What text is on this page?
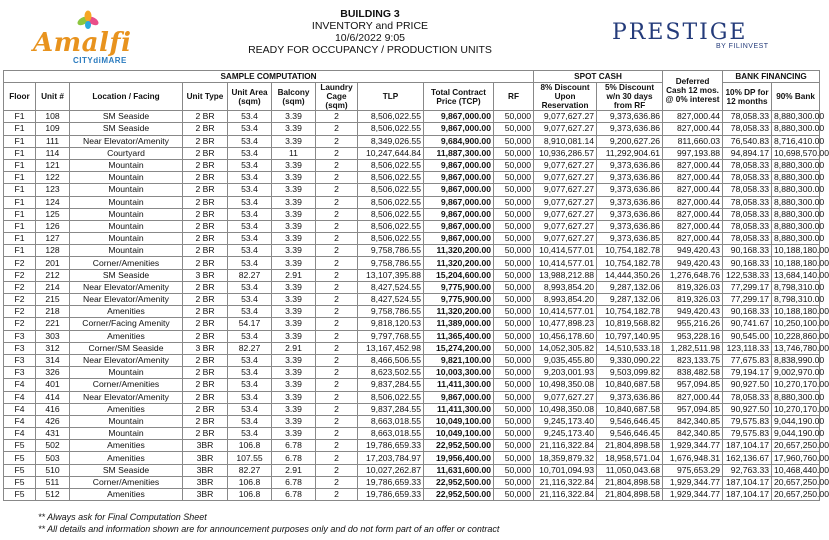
Amalfi
CITYdiMARE
BUILDING 3
INVENTORY and PRICE
10/6/2022 9:05
READY FOR OCCUPANCY / PRODUCTION UNITS
PRESTIGE
BY FILINVEST
SAMPLE COMPUTATION										SPOT CASH		Deferred Cash 12 mos. @ 0% interest	BANK FINANCING	
Floor	Unit #	Location / Facing	Unit Type	Unit Area (sqm)	Balcony (sqm)	Laundry Cage (sqm)	TLP	Total Contract Price (TCP)	RF	8% Discount Upon Reservation	5% Discount w/n 30 days from RF		10% DP for 12 months	90% Bank
F1	108	SM Seaside	2 BR	53.4	3.39	2	8,506,022.55	9,867,000.00	50,000	9,077,627.27	9,373,636.86	827,000.44	78,058.33	8,880,300.00
F1	109	SM Seaside	2 BR	53.4	3.39	2	8,506,022.55	9,867,000.00	50,000	9,077,627.27	9,373,636.86	827,000.44	78,058.33	8,880,300.00
F1	111	Near Elevator/Amenity	2 BR	53.4	3.39	2	8,349,026.55	9,684,900.00	50,000	8,910,081.14	9,200,627.26	811,660.03	76,540.83	8,716,410.00
F1	114	Courtyard	2 BR	53.4	11	2	10,247,644.84	11,887,300.00	50,000	10,936,286.57	11,292,904.61	997,193.88	94,894.17	10,698,570.00
F1	121	Mountain	2 BR	53.4	3.39	2	8,506,022.55	9,867,000.00	50,000	9,077,627.27	9,373,636.86	827,000.44	78,058.33	8,880,300.00
F1	122	Mountain	2 BR	53.4	3.39	2	8,506,022.55	9,867,000.00	50,000	9,077,627.27	9,373,636.86	827,000.44	78,058.33	8,880,300.00
F1	123	Mountain	2 BR	53.4	3.39	2	8,506,022.55	9,867,000.00	50,000	9,077,627.27	9,373,636.86	827,000.44	78,058.33	8,880,300.00
F1	124	Mountain	2 BR	53.4	3.39	2	8,506,022.55	9,867,000.00	50,000	9,077,627.27	9,373,636.86	827,000.44	78,058.33	8,880,300.00
F1	125	Mountain	2 BR	53.4	3.39	2	8,506,022.55	9,867,000.00	50,000	9,077,627.27	9,373,636.86	827,000.44	78,058.33	8,880,300.00
F1	126	Mountain	2 BR	53.4	3.39	2	8,506,022.55	9,867,000.00	50,000	9,077,627.27	9,373,636.86	827,000.44	78,058.33	8,880,300.00
F1	127	Mountain	2 BR	53.4	3.39	2	8,506,022.55	9,867,000.00	50,000	9,077,627.27	9,373,636.85	827,000.44	78,058.33	8,880,300.00
F1	128	Mountain	2 BR	53.4	3.39	2	9,758,786.55	11,320,200.00	50,000	10,414,577.01	10,754,182.78	949,420.43	90,168.33	10,188,180.00
F2	201	Corner/Amenities	2 BR	53.4	3.39	2	9,758,786.55	11,320,200.00	50,000	10,414,577.01	10,754,182.78	949,420.43	90,168.33	10,188,180.00
F2	212	SM Seaside	3 BR	82.27	2.91	2	13,107,395.88	15,204,600.00	50,000	13,988,212.88	14,444,350.26	1,276,648.76	122,538.33	13,684,140.00
F2	214	Near Elevator/Amenity	2 BR	53.4	3.39	2	8,427,524.55	9,775,900.00	50,000	8,993,854.20	9,287,132.06	819,326.03	77,299.17	8,798,310.00
F2	215	Near Elevator/Amenity	2 BR	53.4	3.39	2	8,427,524.55	9,775,900.00	50,000	8,993,854.20	9,287,132.06	819,326.03	77,299.17	8,798,310.00
F2	218	Amenities	2 BR	53.4	3.39	2	9,758,786.55	11,320,200.00	50,000	10,414,577.01	10,754,182.78	949,420.43	90,168.33	10,188,180.00
F2	221	Corner/Facing Amenity	2 BR	54.17	3.39	2	9,818,120.53	11,389,000.00	50,000	10,477,898.23	10,819,568.82	955,216.26	90,741.67	10,250,100.00
F3	303	Amenities	2 BR	53.4	3.39	2	9,797,768.55	11,365,400.00	50,000	10,456,178.60	10,797,140.95	953,228.16	90,545.00	10,228,860.00
F3	312	Corner/SM Seaside	3 BR	82.27	2.91	2	13,167,452.98	15,274,200.00	50,000	14,052,305.82	14,510,533.18	1,282,511.98	123,118.33	13,746,780.00
F3	314	Near Elevator/Amenity	2 BR	53.4	3.39	2	8,466,506.55	9,821,100.00	50,000	9,035,455.80	9,330,090.22	823,133.75	77,675.83	8,838,990.00
F3	326	Mountain	2 BR	53.4	3.39	2	8,623,502.55	10,003,300.00	50,000	9,203,001.93	9,503,099.82	838,482.58	79,194.17	9,002,970.00
F4	401	Corner/Amenities	2 BR	53.4	3.39	2	9,837,284.55	11,411,300.00	50,000	10,498,350.08	10,840,687.58	957,094.85	90,927.50	10,270,170.00
F4	414	Near Elevator/Amenity	2 BR	53.4	3.39	2	8,506,022.55	9,867,000.00	50,000	9,077,627.27	9,373,636.86	827,000.44	78,058.33	8,880,300.00
F4	416	Amenities	2 BR	53.4	3.39	2	9,837,284.55	11,411,300.00	50,000	10,498,350.08	10,840,687.58	957,094.85	90,927.50	10,270,170.00
F4	426	Mountain	2 BR	53.4	3.39	2	8,663,018.55	10,049,100.00	50,000	9,245,173.40	9,546,646.45	842,340.85	79,575.83	9,044,190.00
F4	431	Mountain	2 BR	53.4	3.39	2	8,663,018.55	10,049,100.00	50,000	9,245,173.40	9,546,646.45	842,340.85	79,575.83	9,044,190.00
F5	502	Amenities	3BR	106.8	6.78	2	19,786,659.33	22,952,500.00	50,000	21,116,322.84	21,804,898.58	1,929,344.77	187,104.17	20,657,250.00
F5	503	Amenities	3BR	107.55	6.78	2	17,203,784.97	19,956,400.00	50,000	18,359,879.32	18,958,571.04	1,676,948.31	162,136.67	17,960,760.00
F5	510	SM Seaside	3BR	82.27	2.91	2	10,027,262.87	11,631,600.00	50,000	10,701,094.93	11,050,043.68	975,653.29	92,763.33	10,468,440.00
F5	511	Corner/Amenities	3BR	106.8	6.78	2	19,786,659.33	22,952,500.00	50,000	21,116,322.84	21,804,898.58	1,929,344.77	187,104.17	20,657,250.00
F5	512	Amenities	3BR	106.8	6.78	2	19,786,659.33	22,952,500.00	50,000	21,116,322.84	21,804,898.58	1,929,344.77	187,104.17	20,657,250.00
** Always ask for Final Computation Sheet
** All details and information shown are for announcement purposes only and do not form part of an offer or contract
